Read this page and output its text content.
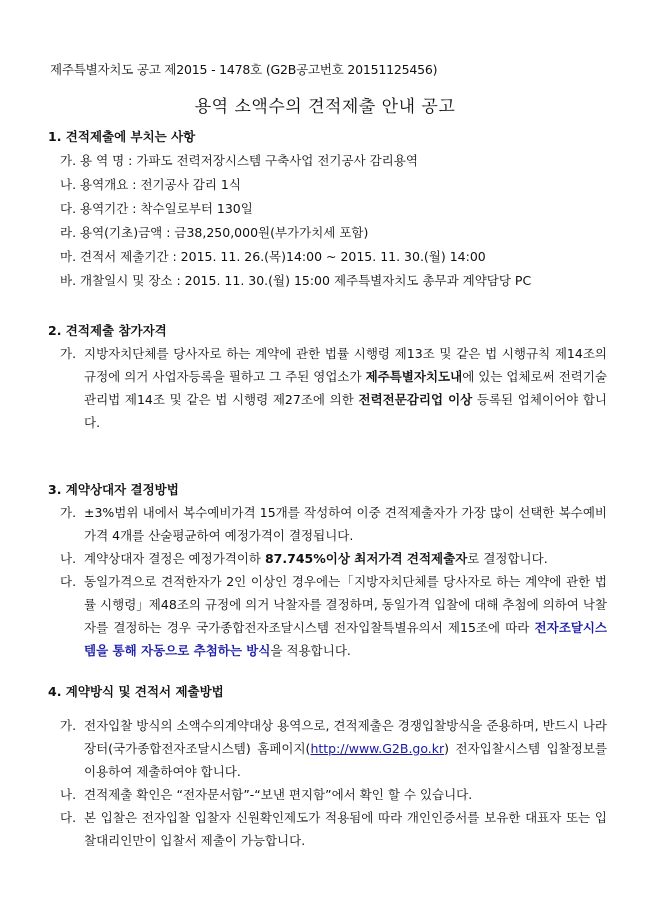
제주특별자치도 공고 제2015 - 1478호 (G2B공고번호 20151125456)
용역 소액수의 견적제출 안내 공고
1. 견적제출에 부치는 사항
가. 용 역 명 : 가파도 전력저장시스템 구축사업 전기공사 감리용역
나. 용역개요 : 전기공사 감리 1식
다. 용역기간 : 착수일로부터 130일
라. 용역(기초)금액 : 금38,250,000원(부가가치세 포함)
마. 견적서 제출기간 : 2015. 11. 26.(목)14:00 ~ 2015. 11. 30.(월) 14:00
바. 개찰일시 및 장소 : 2015. 11. 30.(월) 15:00 제주특별자치도 총무과 계약담당 PC
2. 견적제출 참가자격
가. 지방자치단체를 당사자로 하는 계약에 관한 법률 시행령 제13조 및 같은 법 시행규칙 제14조의 규정에 의거 사업자등록을 필하고 그 주된 영업소가 제주특별자치도내에 있는 업체로써 전력기술관리법 제14조 및 같은 법 시행령 제27조에 의한 전력전문감리업 이상 등록된 업체이어야 합니다.
3. 계약상대자 결정방법
가. ±3%범위 내에서 복수예비가격 15개를 작성하여 이중 견적제출자가 가장 많이 선택한 복수예비가격 4개를 산술평균하여 예정가격이 결정됩니다.
나. 계약상대자 결정은 예정가격이하 87.745%이상 최저가격 견적제출자로 결정합니다.
다. 동일가격으로 견적한자가 2인 이상인 경우에는「지방자치단체를 당사자로 하는 계약에 관한 법률 시행령」제48조의 규정에 의거 낙찰자를 결정하며, 동일가격 입찰에 대해 추첨에 의하여 낙찰자를 결정하는 경우 국가종합전자조달시스템 전자입찰특별유의서 제15조에 따라 전자조달시스템을 통해 자동으로 추첨하는 방식을 적용합니다.
4. 계약방식 및 견적서 제출방법
가. 전자입찰 방식의 소액수의계약대상 용역으로, 견적제출은 경쟁입찰방식을 준용하며, 반드시 나라장터(국가종합전자조달시스템) 홈페이지(http://www.G2B.go.kr) 전자입찰시스템 입찰정보를 이용하여 제출하여야 합니다.
나. 견적제출 확인은 “전자문서함”-“보낸 편지함”에서 확인 할 수 있습니다.
다. 본 입찰은 전자입찰 입찰자 신원확인제도가 적용됨에 따라 개인인증서를 보유한 대표자 또는 입찰대리인만이 입찰서 제출이 가능합니다.
